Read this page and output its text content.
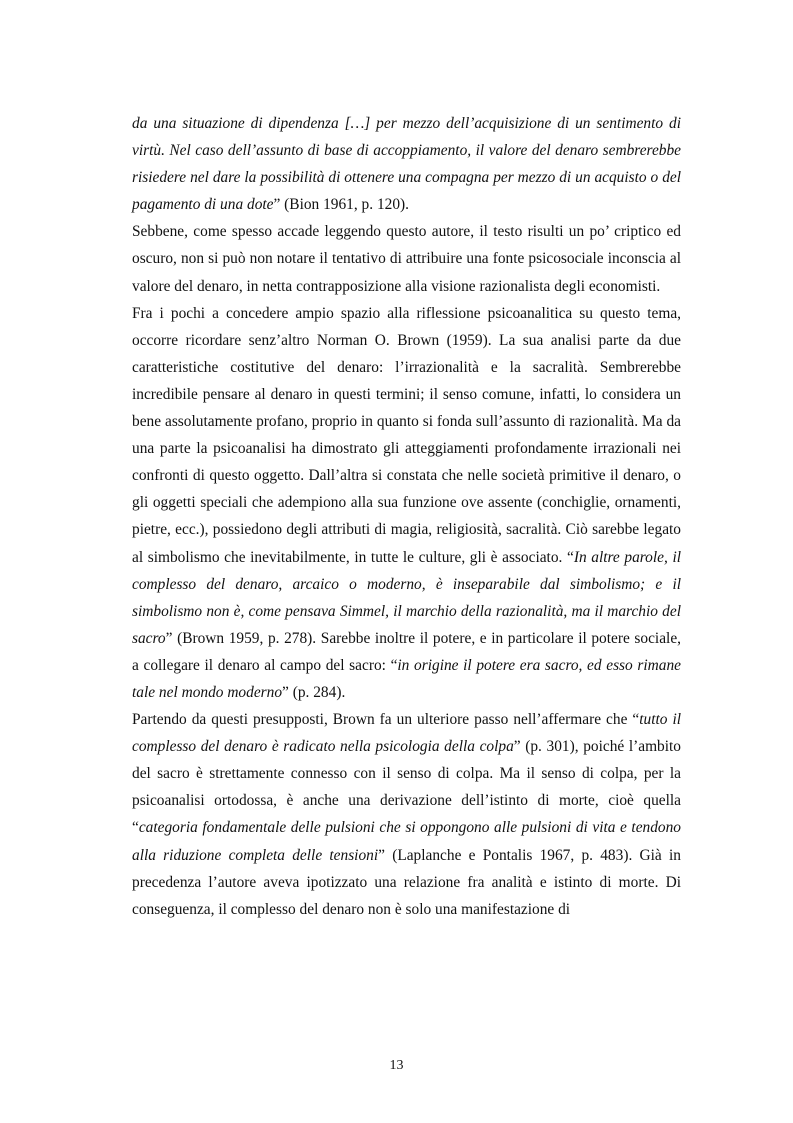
da una situazione di dipendenza […] per mezzo dell’acquisizione di un sentimento di virtù. Nel caso dell’assunto di base di accoppiamento, il valore del denaro sembrerebbe risiedere nel dare la possibilità di ottenere una compagna per mezzo di un acquisto o del pagamento di una dote” (Bion 1961, p. 120).

Sebbene, come spesso accade leggendo questo autore, il testo risulti un po’ criptico ed oscuro, non si può non notare il tentativo di attribuire una fonte psicosociale inconscia al valore del denaro, in netta contrapposizione alla visione razionalista degli economisti.

Fra i pochi a concedere ampio spazio alla riflessione psicoanalitica su questo tema, occorre ricordare senz’altro Norman O. Brown (1959). La sua analisi parte da due caratteristiche costitutive del denaro: l’irrazionalità e la sacralità. Sembrerebbe incredibile pensare al denaro in questi termini; il senso comune, infatti, lo considera un bene assolutamente profano, proprio in quanto si fonda sull’assunto di razionalità. Ma da una parte la psicoanalisi ha dimostrato gli atteggiamenti profondamente irrazionali nei confronti di questo oggetto. Dall’altra si constata che nelle società primitive il denaro, o gli oggetti speciali che adempiono alla sua funzione ove assente (conchiglie, ornamenti, pietre, ecc.), possiedono degli attributi di magia, religiosità, sacralità. Ciò sarebbe legato al simbolismo che inevitabilmente, in tutte le culture, gli è associato. “In altre parole, il complesso del denaro, arcaico o moderno, è inseparabile dal simbolismo; e il simbolismo non è, come pensava Simmel, il marchio della razionalità, ma il marchio del sacro” (Brown 1959, p. 278). Sarebbe inoltre il potere, e in particolare il potere sociale, a collegare il denaro al campo del sacro: “in origine il potere era sacro, ed esso rimane tale nel mondo moderno” (p. 284).

Partendo da questi presupposti, Brown fa un ulteriore passo nell’affermare che “tutto il complesso del denaro è radicato nella psicologia della colpa” (p. 301), poiché l’ambito del sacro è strettamente connesso con il senso di colpa. Ma il senso di colpa, per la psicoanalisi ortodossa, è anche una derivazione dell’istinto di morte, cioè quella “categoria fondamentale delle pulsioni che si oppongono alle pulsioni di vita e tendono alla riduzione completa delle tensioni” (Laplanche e Pontalis 1967, p. 483). Già in precedenza l’autore aveva ipotizzato una relazione fra analità e istinto di morte. Di conseguenza, il complesso del denaro non è solo una manifestazione di

13
